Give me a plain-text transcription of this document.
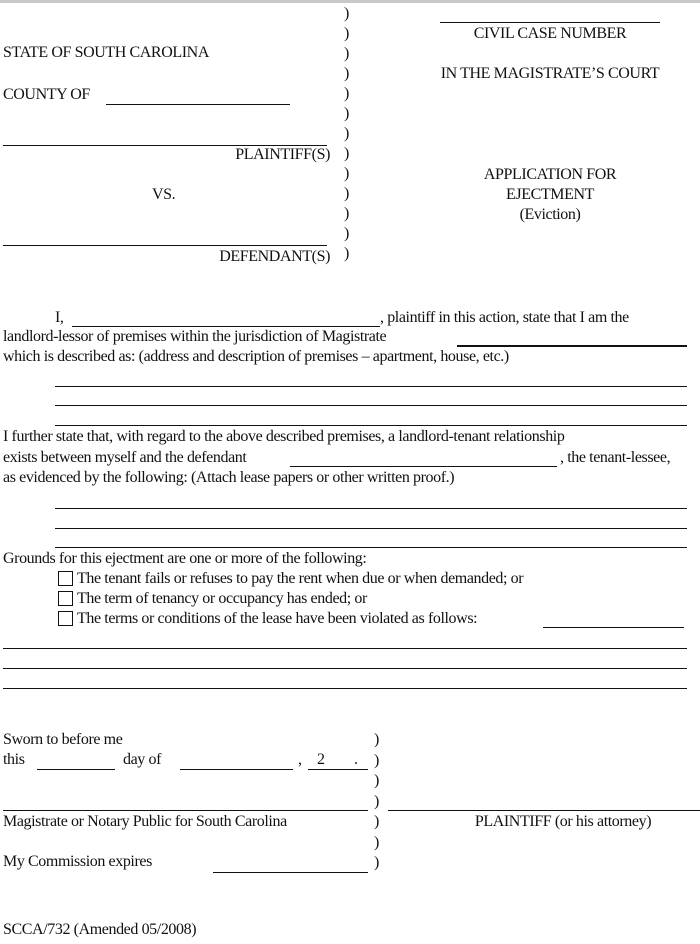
)
)
)
)
)
)
)
)
)
)
)
)
)
STATE OF SOUTH CAROLINA
COUNTY OF
PLAINTIFF(S)
VS.
DEFENDANT(S)
CIVIL CASE NUMBER
IN THE MAGISTRATE’S COURT
APPLICATION FOR
EJECTMENT
(Eviction)
I,	, plaintiff in this action, state that I am the
landlord-lessor of premises within the jurisdiction of Magistrate
which is described as: (address and description of premises – apartment, house, etc.)
I further state that, with regard to the above described premises, a landlord-tenant relationship
exists between myself and the defendant	, the tenant-lessee,
as evidenced by the following: (Attach lease papers or other written proof.)
Grounds for this ejectment are one or more of the following:
The tenant fails or refuses to pay the rent when due or when demanded; or
The term of tenancy or occupancy has ended; or
The terms or conditions of the lease have been violated as follows:
)
)
)
)
)
)
)
Sworn to before me
this	day of	, 2 .
Magistrate or Notary Public for South Carolina	PLAINTIFF (or his attorney)
My Commission expires
SCCA/732 (Amended 05/2008)
